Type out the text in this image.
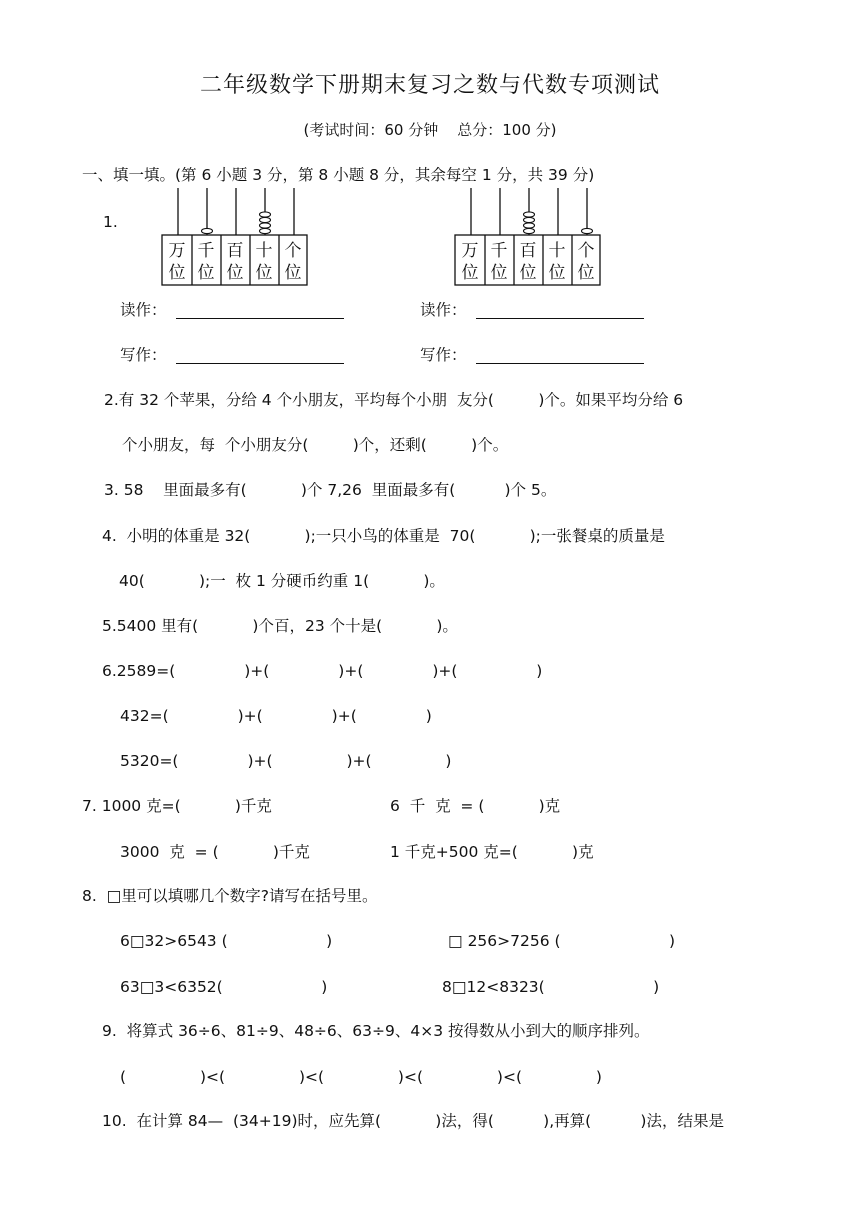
二年级数学下册期末复习之数与代数专项测试
(考试时间：60 分钟    总分：100 分)
一、填一填。(第 6 小题 3 分，第 8 小题 8 分，其余每空 1 分，共 39 分)
1.
万
位
千
位
百
位
十
位
个
位
万
位
千
位
百
位
十
位
个
位
读作：	读作：
写作：	写作：
2.有 32 个苹果，分给 4 个小朋友，平均每个小朋  友分(         )个。如果平均分给 6
个小朋友，每  个小朋友分(         )个，还剩(         )个。
3. 58    里面最多有(           )个 7,26  里面最多有(          )个 5。
4.  小明的体重是 32(           );一只小鸟的体重是  70(           );一张餐桌的质量是
40(           );一  枚 1 分硬币约重 1(           )。
5.5400 里有(           )个百，23 个十是(           )。
6.2589=(              )+(              )+(              )+(                )
432=(              )+(              )+(              )
5320=(              )+(               )+(               )
7. 1000 克=(           )千克	6  千  克  = (           )克
3000  克  = (           )千克	1 千克+500 克=(           )克
8.  □里可以填哪几个数字?请写在括号里。
6□32>6543 (                    )	□ 256>7256 (                      )
63□3<6352(                    )	8□12<8323(                      )
9.  将算式 36÷6、81÷9、48÷6、63÷9、4×3 按得数从小到大的顺序排列。
(               )<(               )<(               )<(               )<(               )
10.  在计算 84—  (34+19)时，应先算(           )法，得(          ),再算(          )法，结果是
